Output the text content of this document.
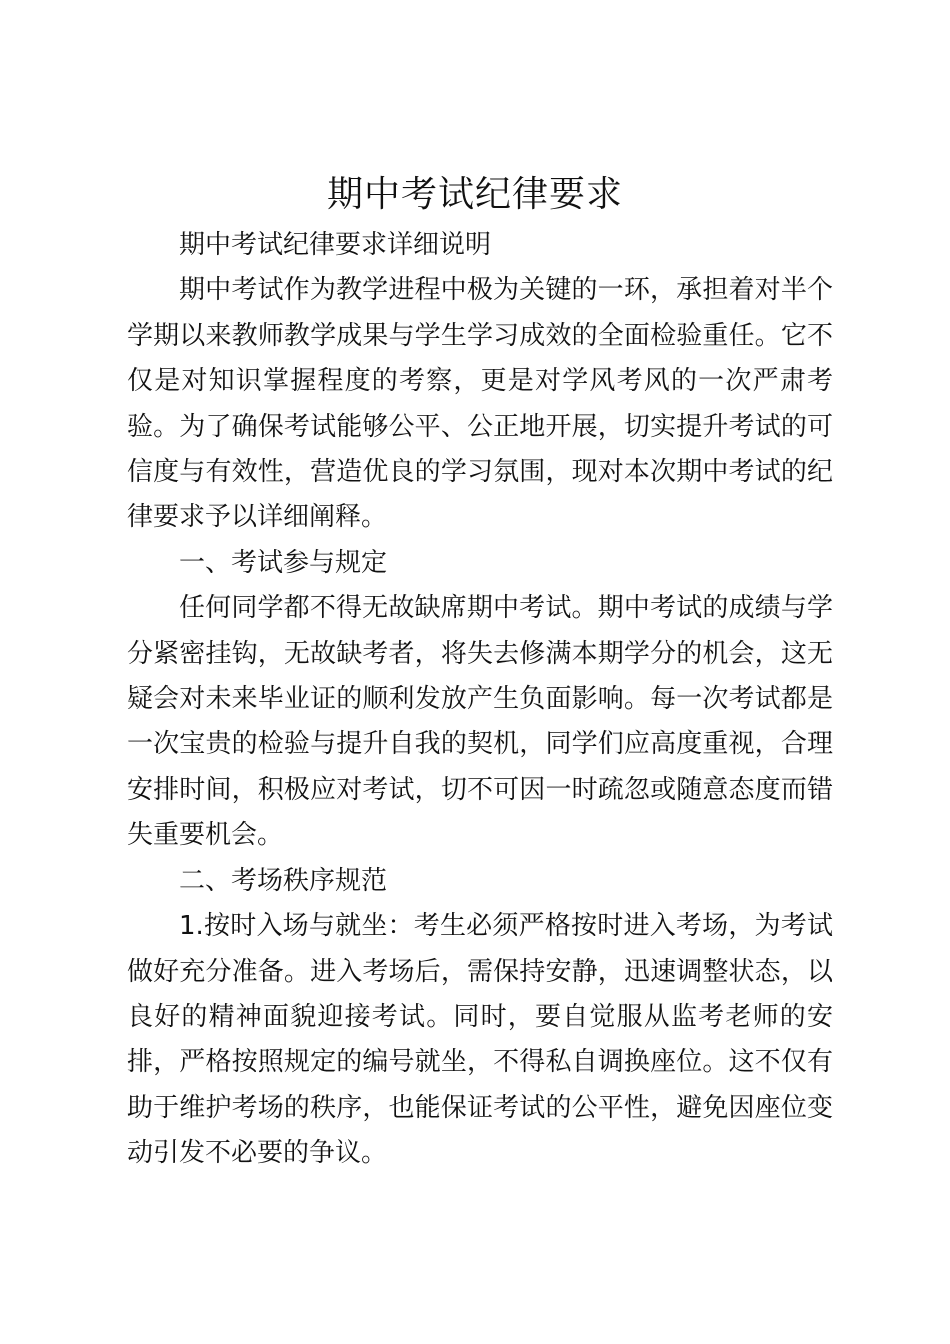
期中考试纪律要求

期中考试纪律要求详细说明

期中考试作为教学进程中极为关键的一环，承担着对半个学期以来教师教学成果与学生学习成效的全面检验重任。它不仅是对知识掌握程度的考察，更是对学风考风的一次严肃考验。为了确保考试能够公平、公正地开展，切实提升考试的可信度与有效性，营造优良的学习氛围，现对本次期中考试的纪律要求予以详细阐释。

一、考试参与规定

任何同学都不得无故缺席期中考试。期中考试的成绩与学分紧密挂钩，无故缺考者，将失去修满本期学分的机会，这无疑会对未来毕业证的顺利发放产生负面影响。每一次考试都是一次宝贵的检验与提升自我的契机，同学们应高度重视，合理安排时间，积极应对考试，切不可因一时疏忽或随意态度而错失重要机会。

二、考场秩序规范

1.按时入场与就坐：考生必须严格按时进入考场，为考试做好充分准备。进入考场后，需保持安静，迅速调整状态，以良好的精神面貌迎接考试。同时，要自觉服从监考老师的安排，严格按照规定的编号就坐，不得私自调换座位。这不仅有助于维护考场的秩序，也能保证考试的公平性，避免因座位变动引发不必要的争议。
